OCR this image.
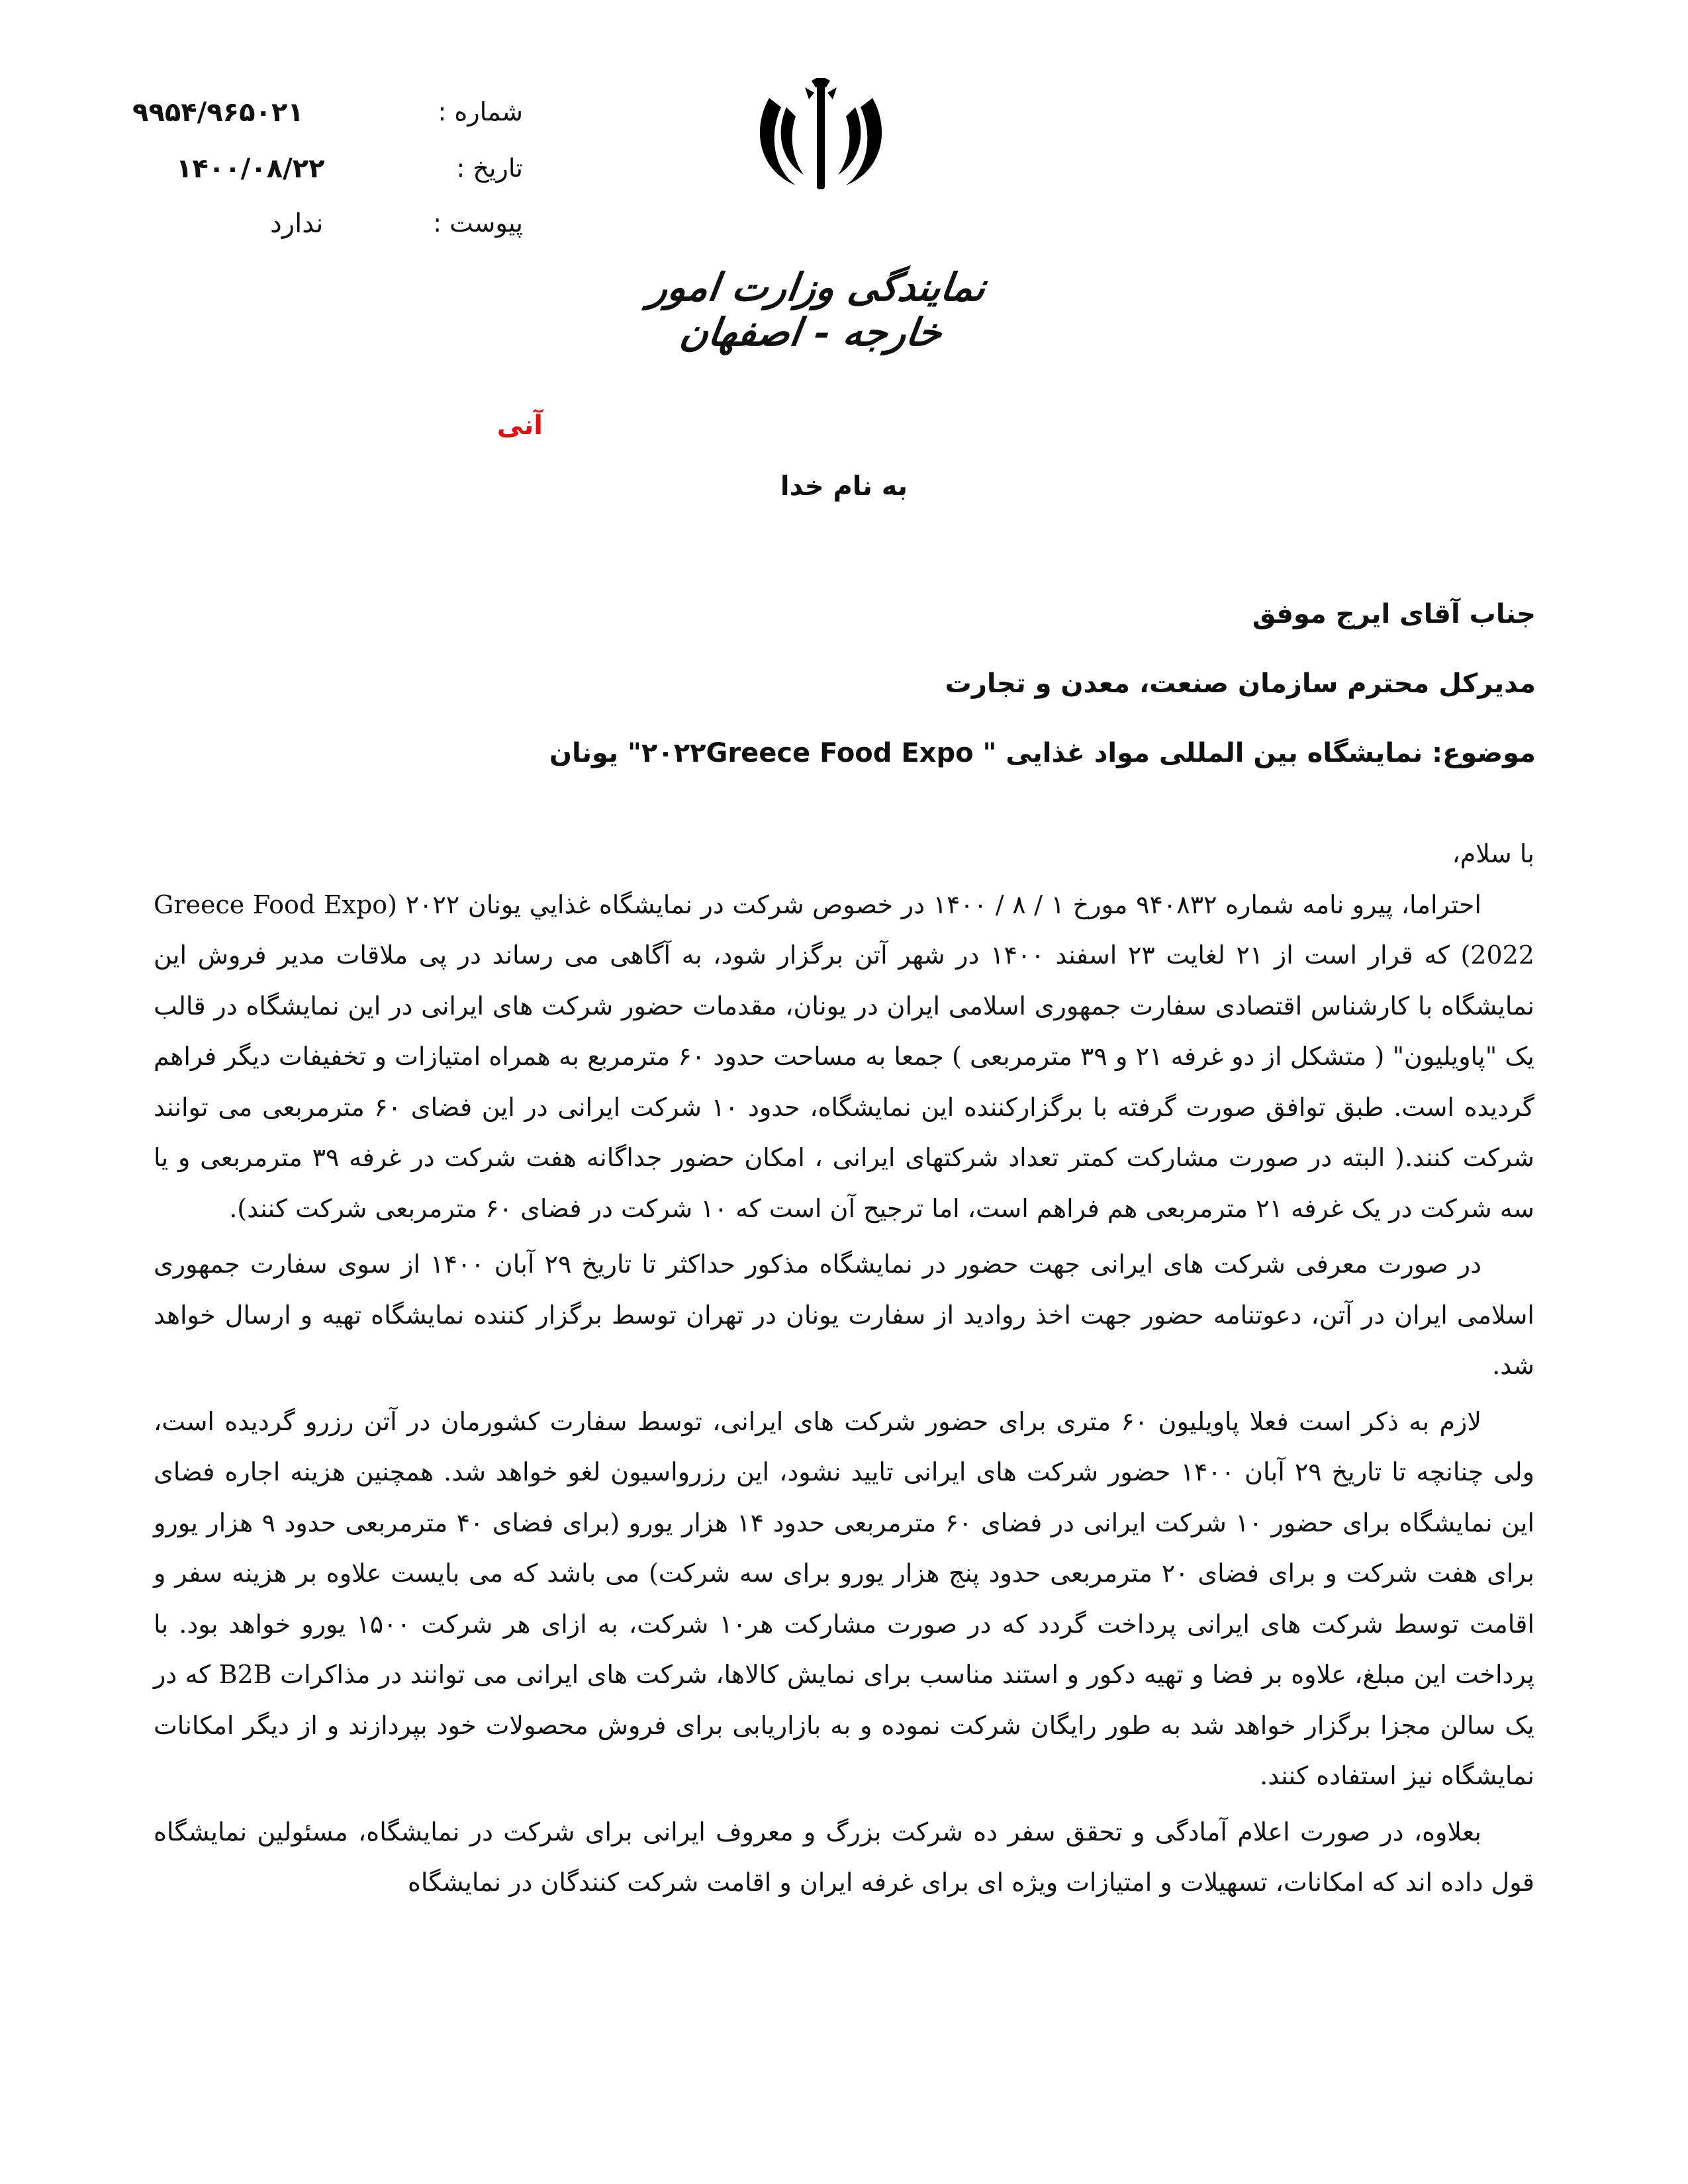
شماره :
۹۹۵۴/۹۶۵۰۲۱
تاریخ :
۱۴۰۰/۰۸/۲۲
پیوست :
ندارد
نمایندگی وزارت امور خارجه - اصفهان
آنی
به نام خدا
جناب آقای ایرج موفق
مدیرکل محترم سازمان صنعت، معدن و تجارت
موضوع: نمایشگاه بین المللی مواد غذایی " ۲۰۲۲Greece Food Expo" یونان

با سلام،

احتراما، پیرو نامه شماره ۹۴۰۸۳۲ مورخ ۱ / ۸ / ۱۴۰۰ در خصوص شرکت در نمایشگاه غذايي یونان ۲۰۲۲ (Greece Food Expo 2022) که قرار است از ۲۱ لغایت ۲۳ اسفند ۱۴۰۰ در شهر آتن برگزار شود، به آگاهی می رساند در پی ملاقات مدیر فروش این نمایشگاه با کارشناس اقتصادی سفارت جمهوری اسلامی ایران در یونان، مقدمات حضور شرکت های ایرانی در این نمایشگاه در قالب یک "پاویلیون" ( متشکل از دو غرفه ۲۱ و ۳۹ مترمربعی ) جمعا به مساحت حدود ۶۰ مترمربع به همراه امتیازات و تخفیفات دیگر فراهم گردیده است. طبق توافق صورت گرفته با برگزارکننده این نمایشگاه، حدود ۱۰ شرکت ایرانی در این فضای ۶۰ مترمربعی می توانند شرکت کنند.( البته در صورت مشارکت کمتر تعداد شرکتهای ایرانی ، امکان حضور جداگانه هفت شرکت در غرفه ۳۹ مترمربعی و یا سه شرکت در یک غرفه ۲۱ مترمربعی هم فراهم است، اما ترجیح آن است که ۱۰ شرکت در فضای ۶۰ مترمربعی شرکت کنند).

در صورت معرفی شرکت های ایرانی جهت حضور در نمایشگاه مذکور حداکثر تا تاریخ ۲۹ آبان ۱۴۰۰ از سوی سفارت جمهوری اسلامی ایران در آتن، دعوتنامه حضور جهت اخذ روادید از سفارت یونان در تهران توسط برگزار کننده نمایشگاه تهیه و ارسال خواهد شد.

لازم به ذکر است فعلا پاویلیون ۶۰ متری برای حضور شرکت های ایرانی، توسط سفارت کشورمان در آتن رزرو گردیده است، ولی چنانچه تا تاریخ ۲۹ آبان ۱۴۰۰ حضور شرکت های ایرانی تایید نشود، این رزرواسیون لغو خواهد شد. همچنین هزینه اجاره فضای این نمایشگاه برای حضور ۱۰ شرکت ایرانی در فضای ۶۰ مترمربعی حدود ۱۴ هزار یورو (برای فضای ۴۰ مترمربعی حدود ۹ هزار یورو برای هفت شرکت و برای فضای ۲۰ مترمربعی حدود پنج هزار یورو برای سه شرکت) می باشد که می بایست علاوه بر هزینه سفر و اقامت توسط شرکت های ایرانی پرداخت گردد که در صورت مشارکت هر۱۰ شرکت، به ازای هر شرکت ۱۵۰۰ یورو خواهد بود. با پرداخت این مبلغ، علاوه بر فضا و تهیه دکور و استند مناسب برای نمایش کالاها، شرکت های ایرانی می توانند در مذاکرات B2B که در یک سالن مجزا برگزار خواهد شد به طور رایگان شرکت نموده و به بازاریابی برای فروش محصولات خود بپردازند و از دیگر امکانات نمایشگاه نیز استفاده کنند.

بعلاوه، در صورت اعلام آمادگی و تحقق سفر ده شرکت بزرگ و معروف ایرانی برای شرکت در نمایشگاه، مسئولین نمایشگاه قول داده اند که امکانات، تسهیلات و امتیازات ویژه ای برای غرفه ایران و اقامت شرکت کنندگان در نمایشگاه
